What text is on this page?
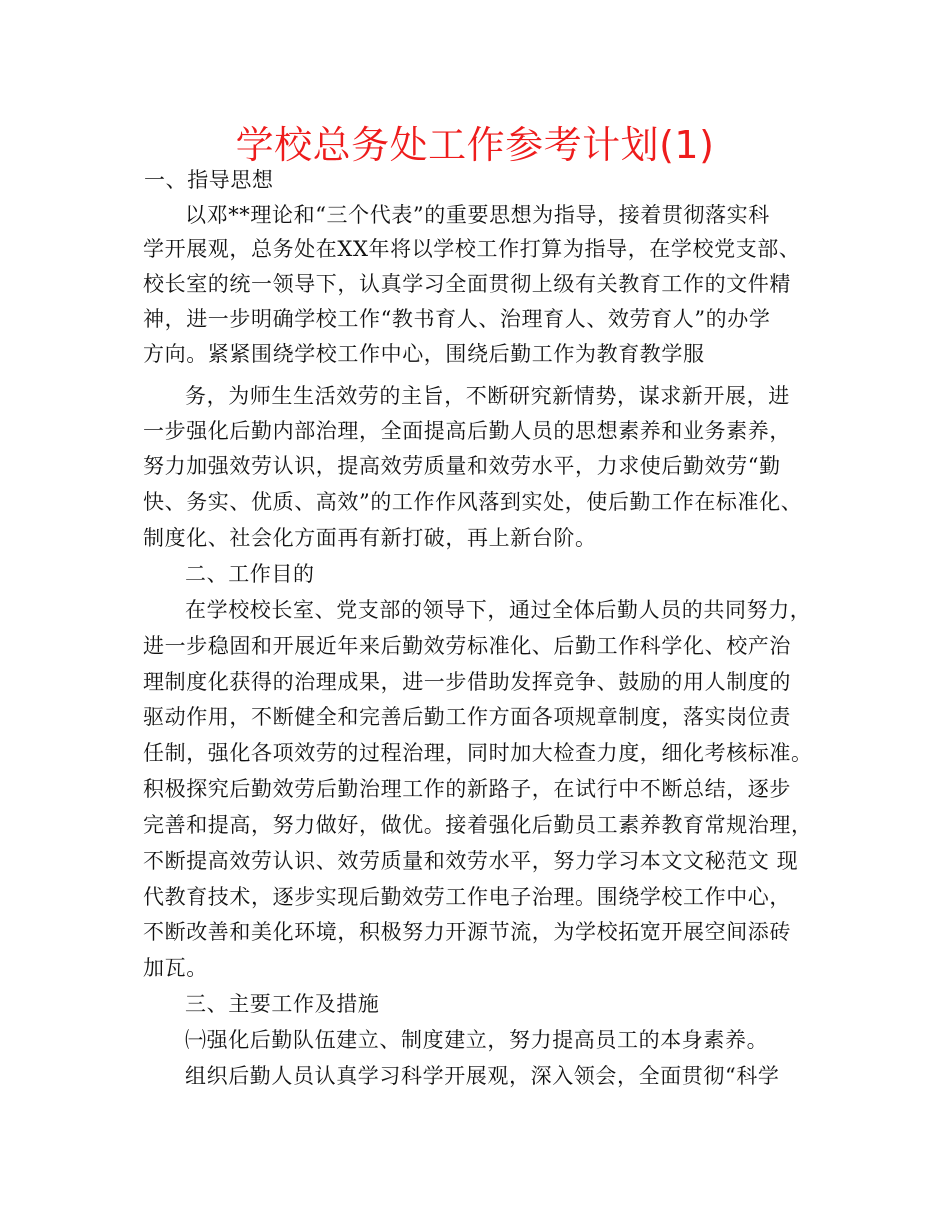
学校总务处工作参考计划(1)
一、指导思想
以邓**理论和“三个代表”的重要思想为指导，接着贯彻落实科
学开展观，总务处在XX年将以学校工作打算为指导，在学校党支部、
校长室的统一领导下，认真学习全面贯彻上级有关教育工作的文件精
神，进一步明确学校工作“教书育人、治理育人、效劳育人”的办学
方向。紧紧围绕学校工作中心，围绕后勤工作为教育教学服
务，为师生生活效劳的主旨，不断研究新情势，谋求新开展，进
一步强化后勤内部治理，全面提高后勤人员的思想素养和业务素养，
努力加强效劳认识，提高效劳质量和效劳水平，力求使后勤效劳“勤
快、务实、优质、高效”的工作作风落到实处，使后勤工作在标准化、
制度化、社会化方面再有新打破，再上新台阶。
二、工作目的
在学校校长室、党支部的领导下，通过全体后勤人员的共同努力，
进一步稳固和开展近年来后勤效劳标准化、后勤工作科学化、校产治
理制度化获得的治理成果，进一步借助发挥竞争、鼓励的用人制度的
驱动作用，不断健全和完善后勤工作方面各项规章制度，落实岗位责
任制，强化各项效劳的过程治理，同时加大检查力度，细化考核标准。
积极探究后勤效劳后勤治理工作的新路子，在试行中不断总结，逐步
完善和提高，努力做好，做优。接着强化后勤员工素养教育常规治理，
不断提高效劳认识、效劳质量和效劳水平，努力学习本文文秘范文 现
代教育技术，逐步实现后勤效劳工作电子治理。围绕学校工作中心，
不断改善和美化环境，积极努力开源节流，为学校拓宽开展空间添砖
加瓦。
三、主要工作及措施
㈠强化后勤队伍建立、制度建立，努力提高员工的本身素养。
组织后勤人员认真学习科学开展观，深入领会，全面贯彻“科学
